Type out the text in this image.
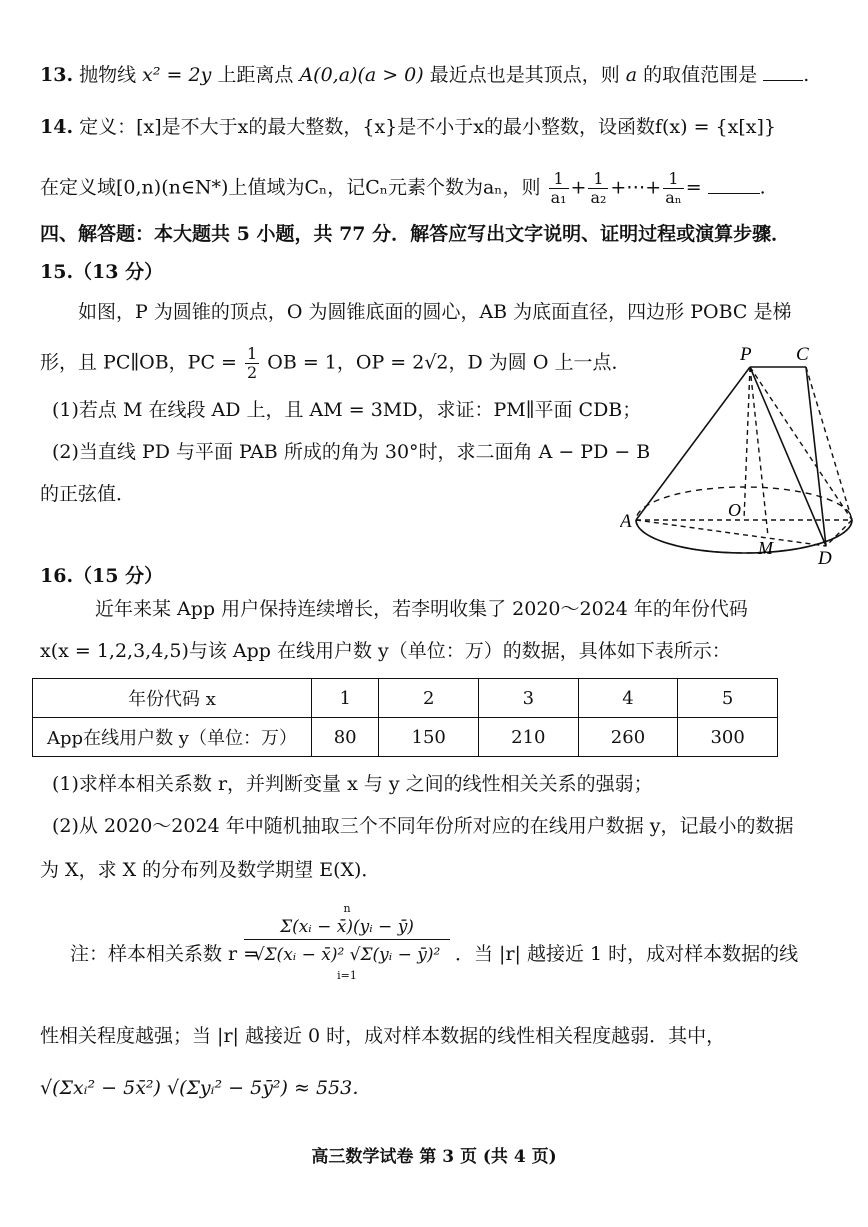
13. 抛物线 x² = 2y 上距离点 A(0,a)(a > 0) 最近点也是其顶点，则 a 的取值范围是 .
14. 定义：[x]是不大于x的最大整数，{x}是不小于x的最小整数，设函数f(x) = {x[x]}
在定义域[0,n)(n∈N*)上值域为Cₙ，记Cₙ元素个数为aₙ，则 $\frac{1}{\text{a₁}} + \frac{1}{\text{a₂}}$ +⋯+ $\frac{1}{\text{aₙ}}$ =	.
四、解答题：本大题共 5 小题，共 77 分．解答应写出文字说明、证明过程或演算步骤．
15.（13 分）
如图，P 为圆锥的顶点，O 为圆锥底面的圆心，AB 为底面直径，四边形 POBC 是梯
形，且 PC∥OB，PC = $\frac{1}{2}$ OB = 1，OP = 2√2，D 为圆 O 上一点．
(1)若点 M 在线段 AD 上，且 AM = 3MD，求证：PM∥平面 CDB；
(2)当直线 PD 与平面 PAB 所成的角为 30°时，求二面角 A − PD − B
的正弦值．
P C
O
A
M D
16.（15 分）
近年来某 App 用户保持连续增长，若李明收集了 2020～2024 年的年份代码
x(x = 1,2,3,4,5)与该 App 在线用户数 y（单位：万）的数据，具体如下表所示：
年份代码 x	1	2	3	4	5
App在线用户数 y（单位：万）	80	150	210	260	300
(1)求样本相关系数 r，并判断变量 x 与 y 之间的线性相关关系的强弱；
(2)从 2020～2024 年中随机抽取三个不同年份所对应的在线用户数据 y，记最小的数据
为 X，求 X 的分布列及数学期望 E(X)．
注：样本相关系数 r =
n
Σ(xᵢ − x̄)(yᵢ − ȳ)
√Σ(xᵢ − x̄)² √Σ(yᵢ − ȳ)²
i=1
．当 |r| 越接近 1 时，成对样本数据的线
性相关程度越强；当 |r| 越接近 0 时，成对样本数据的线性相关程度越弱．其中，
√(Σxᵢ² − 5x̄²) √(Σyᵢ² − 5ȳ²) ≈ 553．
高三数学试卷 第 3 页 (共 4 页)
